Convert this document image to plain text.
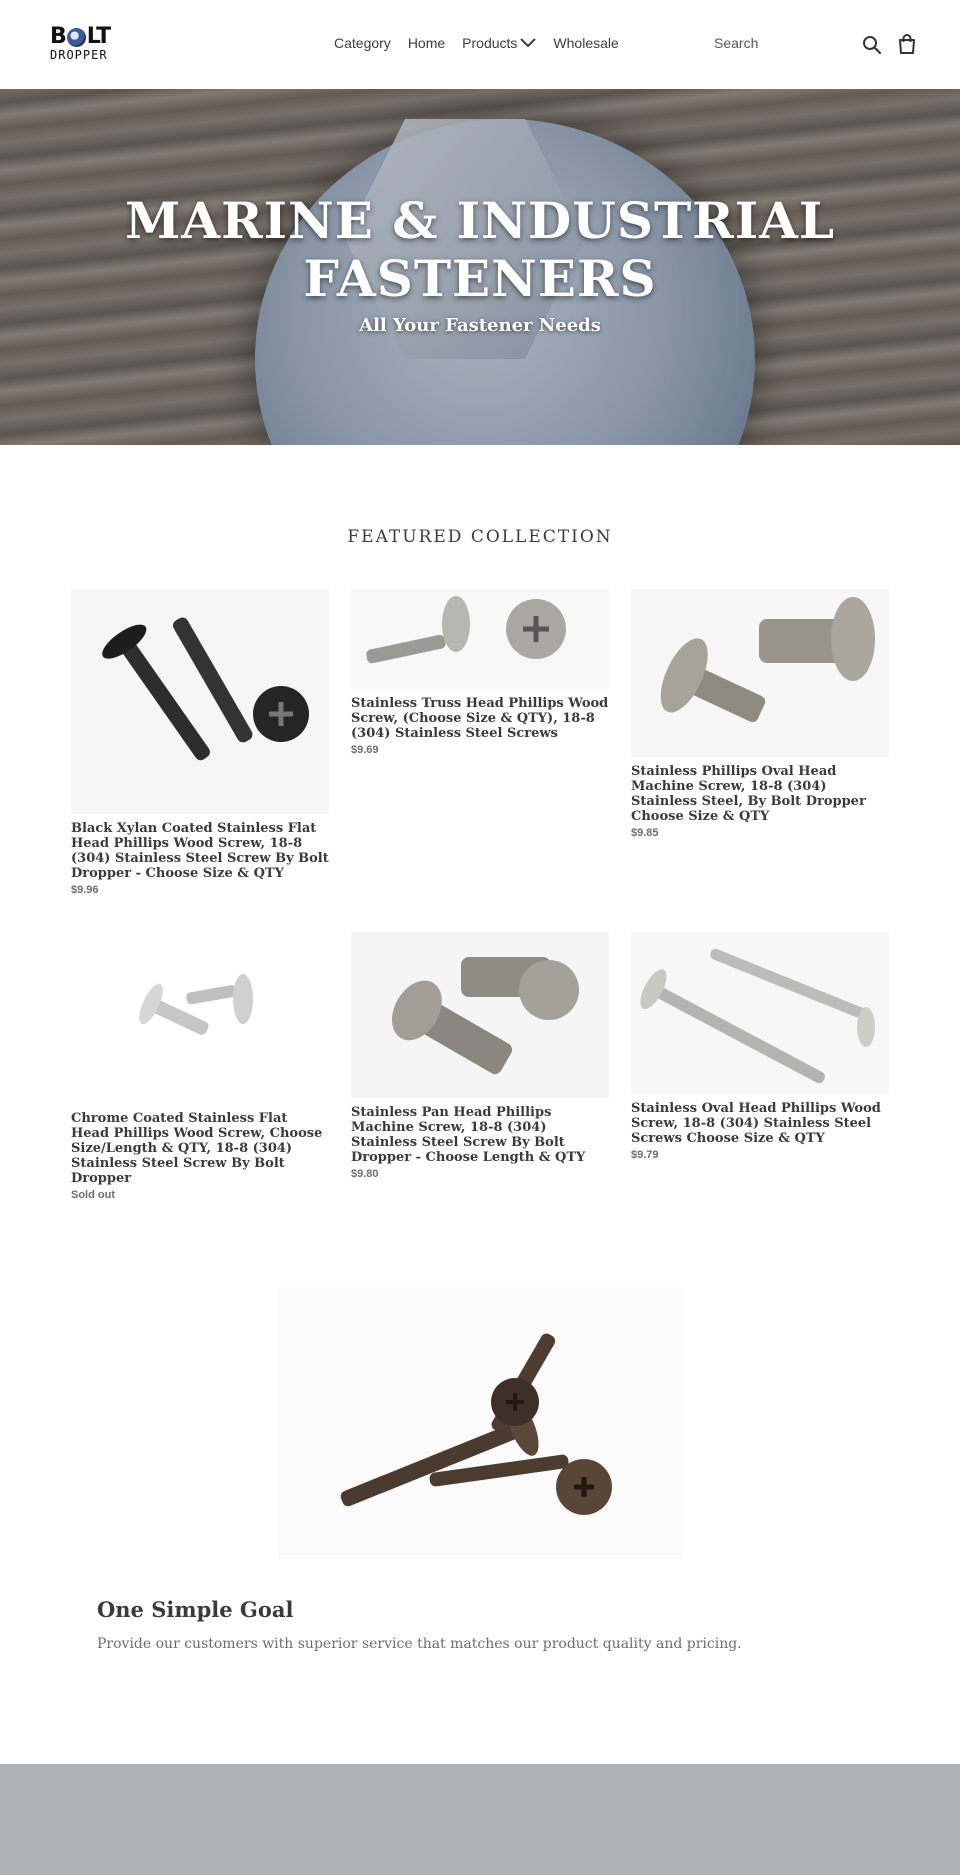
B LT
DROPPER
Category Home Products	Wholesale	Search
MARINE & INDUSTRIAL
FASTENERS
All Your Fastener Needs
FEATURED COLLECTION
Black Xylan Coated Stainless Flat Head Phillips Wood Screw, 18-8 (304) Stainless Steel Screw By Bolt Dropper - Choose Size & QTY
$9.96
Stainless Truss Head Phillips Wood Screw, (Choose Size & QTY), 18-8 (304) Stainless Steel Screws
$9.69
Stainless Phillips Oval Head Machine Screw, 18-8 (304) Stainless Steel, By Bolt Dropper Choose Size & QTY
$9.85
Chrome Coated Stainless Flat Head Phillips Wood Screw, Choose Size/Length & QTY, 18-8 (304) Stainless Steel Screw By Bolt Dropper
Sold out
Stainless Pan Head Phillips Machine Screw, 18-8 (304) Stainless Steel Screw By Bolt Dropper - Choose Length & QTY
$9.80
Stainless Oval Head Phillips Wood Screw, 18-8 (304) Stainless Steel Screws Choose Size & QTY
$9.79
One Simple Goal
Provide our customers with superior service that matches our product quality and pricing.
